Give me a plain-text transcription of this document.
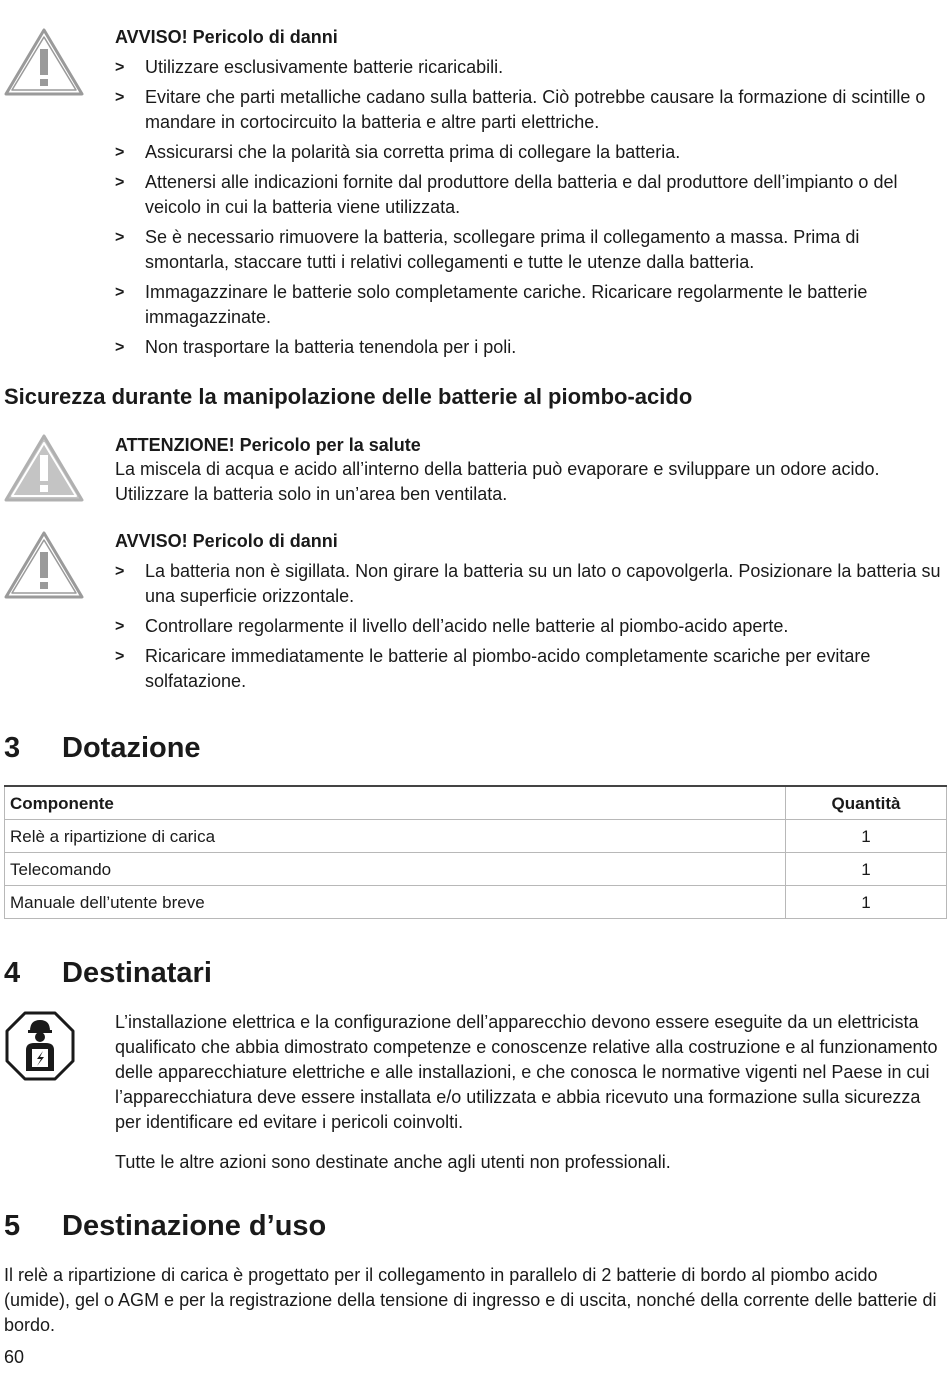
AVVISO! Pericolo di danni
> Utilizzare esclusivamente batterie ricaricabili.
> Evitare che parti metalliche cadano sulla batteria. Ciò potrebbe causare la formazione di scintille o mandare in cortocircuito la batteria e altre parti elettriche.
> Assicurarsi che la polarità sia corretta prima di collegare la batteria.
> Attenersi alle indicazioni fornite dal produttore della batteria e dal produttore dell’impianto o del veicolo in cui la batteria viene utilizzata.
> Se è necessario rimuovere la batteria, scollegare prima il collegamento a massa. Prima di smontarla, staccare tutti i relativi collegamenti e tutte le utenze dalla batteria.
> Immagazzinare le batterie solo completamente cariche. Ricaricare regolarmente le batterie immagazzinate.
> Non trasportare la batteria tenendola per i poli.
Sicurezza durante la manipolazione delle batterie al piombo-acido
ATTENZIONE! Pericolo per la salute

La miscela di acqua e acido all’interno della batteria può evaporare e sviluppare un odore acido. Utilizzare la batteria solo in un’area ben ventilata.

AVVISO! Pericolo di danni
> La batteria non è sigillata. Non girare la batteria su un lato o capovolgerla. Posizionare la batteria su una superficie orizzontale.
> Controllare regolarmente il livello dell’acido nelle batterie al piombo-acido aperte.
> Ricaricare immediatamente le batterie al piombo-acido completamente scariche per evitare solfatazione.
3 Dotazione
Componente	Quantità
Relè a ripartizione di carica	1
Telecomando	1
Manuale dell’utente breve	1
4 Destinatari

L’installazione elettrica e la configurazione dell’apparecchio devono essere eseguite da un elettricista qualificato che abbia dimostrato competenze e conoscenze relative alla costruzione e al funzionamento delle apparecchiature elettriche e alle installazioni, e che conosca le normative vigenti nel Paese in cui l’apparecchiatura deve essere installata e/o utilizzata e abbia ricevuto una formazione sulla sicurezza per identificare ed evitare i pericoli coinvolti.

Tutte le altre azioni sono destinate anche agli utenti non professionali.

5 Destinazione d’uso

Il relè a ripartizione di carica è progettato per il collegamento in parallelo di 2 batterie di bordo al piombo acido (umide), gel o AGM e per la registrazione della tensione di ingresso e di uscita, nonché della corrente delle batterie di bordo.

60
